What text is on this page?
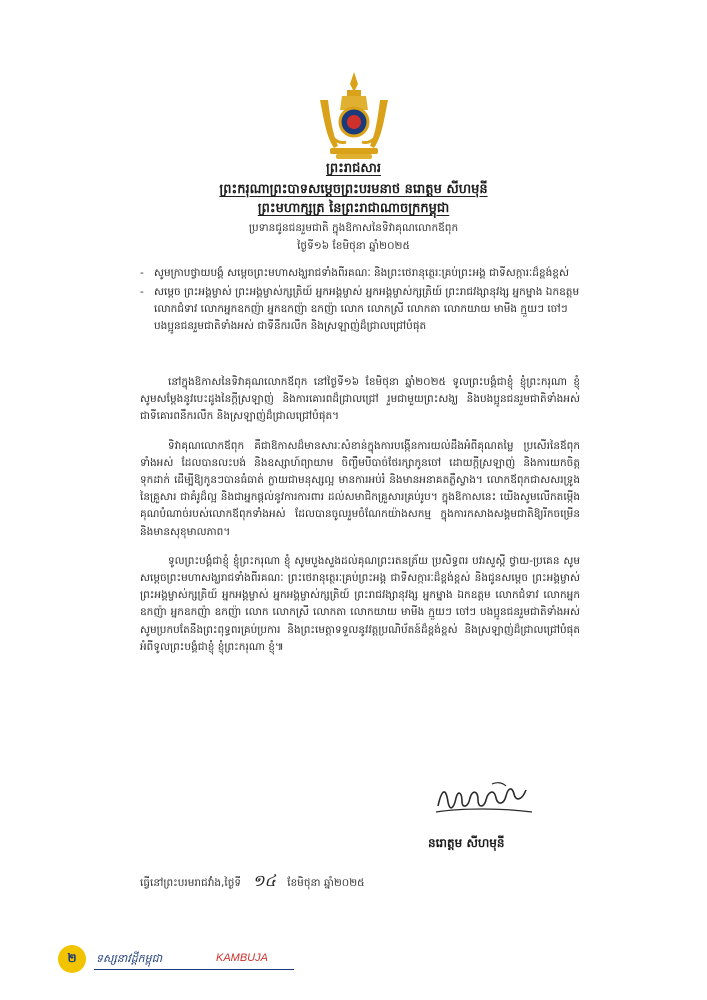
ព្រះរាជសារ
ព្រះករុណាព្រះបាទសម្តេចព្រះបរមនាថ នរោត្តម សីហមុនី
ព្រះមហាក្សត្រ នៃព្រះរាជាណាចក្រកម្ពុជា
ប្រទានជូនជនរួមជាតិ ក្នុងឱកាសនៃទិវាគុណលោកឪពុក
ថ្ងៃទី១៦ ខែមិថុនា ឆ្នាំ២០២៥
- សូមក្រាបថ្វាយបង្គំ សម្តេចព្រះមហាសង្ឃរាជទាំងពីរគណៈ និងព្រះថេរានុត្ថេរៈគ្រប់ព្រះអង្គ ជាទីសក្ការៈដ៏ខ្ពង់ខ្ពស់
- សម្តេច ព្រះអង្គម្ចាស់ ព្រះអង្គម្ចាស់ក្សត្រិយ៍ អ្នកអង្គម្ចាស់ អ្នកអង្គម្ចាស់ក្សត្រិយ៍ ព្រះរាជវង្សានុវង្ស អ្នកម្នាង ឯកឧត្តម លោកជំទាវ លោកអ្នកឧកញ៉ា អ្នកឧកញ៉ា ឧកញ៉ា លោក លោកស្រី លោកតា លោកយាយ មាមីង ក្មួយៗ ចៅៗ បងប្អូនជនរួមជាតិទាំងអស់ ជាទីនឹករលឹក និងស្រឡាញ់ដ៏ជ្រាលជ្រៅបំផុត

នៅក្នុងឱកាសនៃទិវាគុណលោកឪពុក នៅថ្ងៃទី១៦ ខែមិថុនា ឆ្នាំ២០២៥ ទូលព្រះបង្គំជាខ្ញុំ ខ្ញុំព្រះករុណា ខ្ញុំ សូមសម្តែងនូវបេះដូងនៃក្តីស្រឡាញ់ និងការគោរពដ៏ជ្រាលជ្រៅ រួមជាមួយព្រះសង្ឃ និងបងប្អូនជនរួមជាតិទាំងអស់ ជាទីគោរពនឹករលឹក និងស្រឡាញ់ដ៏ជ្រាលជ្រៅបំផុត។

ទិវាគុណលោកឪពុក គឺជាឱកាសដ៏មានសារៈសំខាន់ក្នុងការបង្កើនការយល់ដឹងអំពីគុណតម្លៃ ប្រសើរនៃឪពុកទាំងអស់ ដែលបានលះបង់ និងឧស្សាហ៍ព្យាយាម ចិញ្ចឹមបីបាច់ថែរក្សាកូនចៅ ដោយក្តីស្រឡាញ់ និងការយកចិត្តទុកដាក់ ដើម្បីឱ្យកូនៗបានធំធាត់ ក្លាយជាមនុស្សល្អ មានការអប់រំ និងមានអនាគតភ្លឺស្វាង។ លោកឪពុកជាសសរទ្រូងនៃគ្រួសារ ជាគំរូដ៏ល្អ និងជាអ្នកផ្តល់នូវការការពារ ដល់សមាជិកគ្រួសារគ្រប់រូប។ ក្នុងឱកាសនេះ យើងសូមលើកតម្កើងគុណបំណាច់របស់លោកឪពុកទាំងអស់ ដែលបានចូលរួមចំណែកយ៉ាងសកម្ម ក្នុងការកសាងសង្គមជាតិឱ្យរីកចម្រើន និងមានសុខុមាលភាព។

ទូលព្រះបង្គំជាខ្ញុំ ខ្ញុំព្រះករុណា ខ្ញុំ សូមបួងសួងដល់គុណព្រះរតនត្រ័យ ប្រសិទ្ធពរ បវរសួស្តី ថ្វាយ-ប្រគេន សូមសម្តេចព្រះមហាសង្ឃរាជទាំងពីរគណៈ ព្រះថេរានុត្ថេរៈគ្រប់ព្រះអង្គ ជាទីសក្ការៈដ៏ខ្ពង់ខ្ពស់ និងជូនសម្តេច ព្រះអង្គម្ចាស់ ព្រះអង្គម្ចាស់ក្សត្រិយ៍ អ្នកអង្គម្ចាស់ អ្នកអង្គម្ចាស់ក្សត្រិយ៍ ព្រះរាជវង្សានុវង្ស អ្នកម្នាង ឯកឧត្តម លោកជំទាវ លោកអ្នកឧកញ៉ា អ្នកឧកញ៉ា ឧកញ៉ា លោក លោកស្រី លោកតា លោកយាយ មាមីង ក្មួយៗ ចៅៗ បងប្អូនជនរួមជាតិទាំងអស់ សូមប្រកបតែនឹងព្រះពុទ្ធពរគ្រប់ប្រការ និងព្រះមេត្តាទទួលនូវវត្តប្រណិប័តន៍ដ៏ខ្ពង់ខ្ពស់ និងស្រឡាញ់ដ៏ជ្រាលជ្រៅបំផុត អំពីទូលព្រះបង្គំជាខ្ញុំ ខ្ញុំព្រះករុណា ខ្ញុំ៕

នរោត្តម សីហមុនី
ធ្វើនៅព្រះបរមរាជវាំង,ថ្ងៃទី ១៤ ខែមិថុនា ឆ្នាំ២០២៥
២	ទស្សនាវដ្តីកម្ពុជា	KAMBUJA
